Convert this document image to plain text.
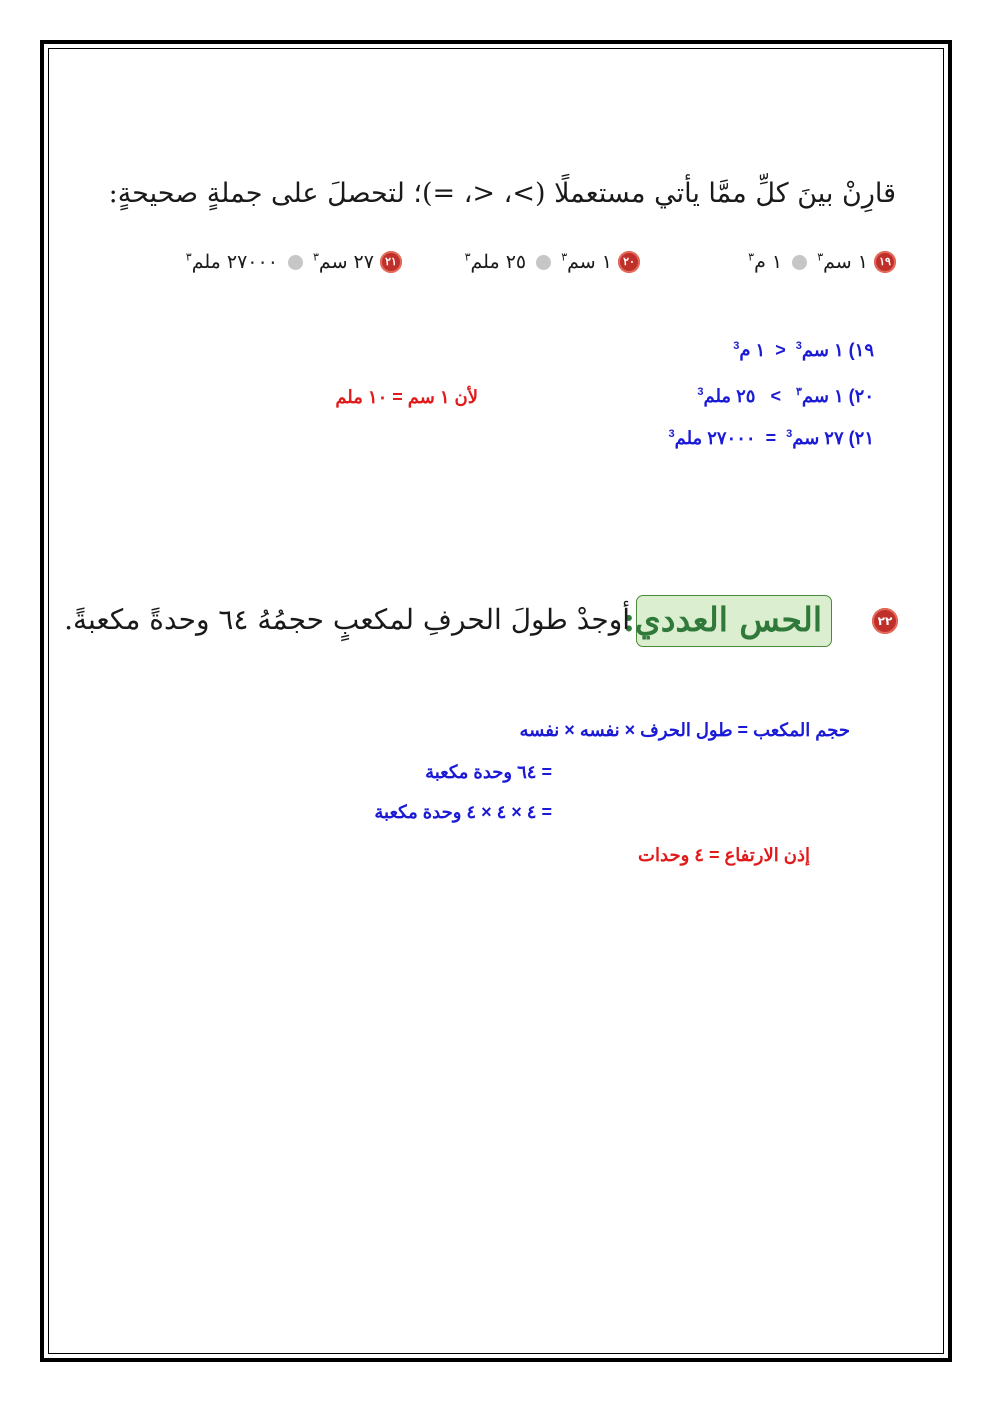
قارِنْ بينَ كلِّ ممَّا يأتي مستعملًا (>، <، =)؛ لتحصلَ على جملةٍ صحيحةٍ:
١٩ ١ سم$^٣$  ١ م$^٣$
٢٠ ١ سم$^٣$  ٢٥ ملم$^٣$
٢١ ٢٧ سم$^٣$  ٢٧٠٠٠ ملم$^٣$
١٩) ١ سم$^3$  <  ١ م$^3$
٢٠) ١ سم$^٣$   >   ٢٥ ملم$^3$
لأن ١ سم = ١٠ ملم
٢١) ٢٧ سم$^3$  =  ٢٧٠٠٠ ملم$^3$
٢٢
الحس العددي:
أوجدْ طولَ الحرفِ لمكعبٍ حجمُهُ ٦٤ وحدةً مكعبةً.
حجم المكعب = طول الحرف × نفسه × نفسه
= ٦٤ وحدة مكعبة
= ٤ × ٤ × ٤ وحدة مكعبة
إذن الارتفاع = ٤ وحدات
